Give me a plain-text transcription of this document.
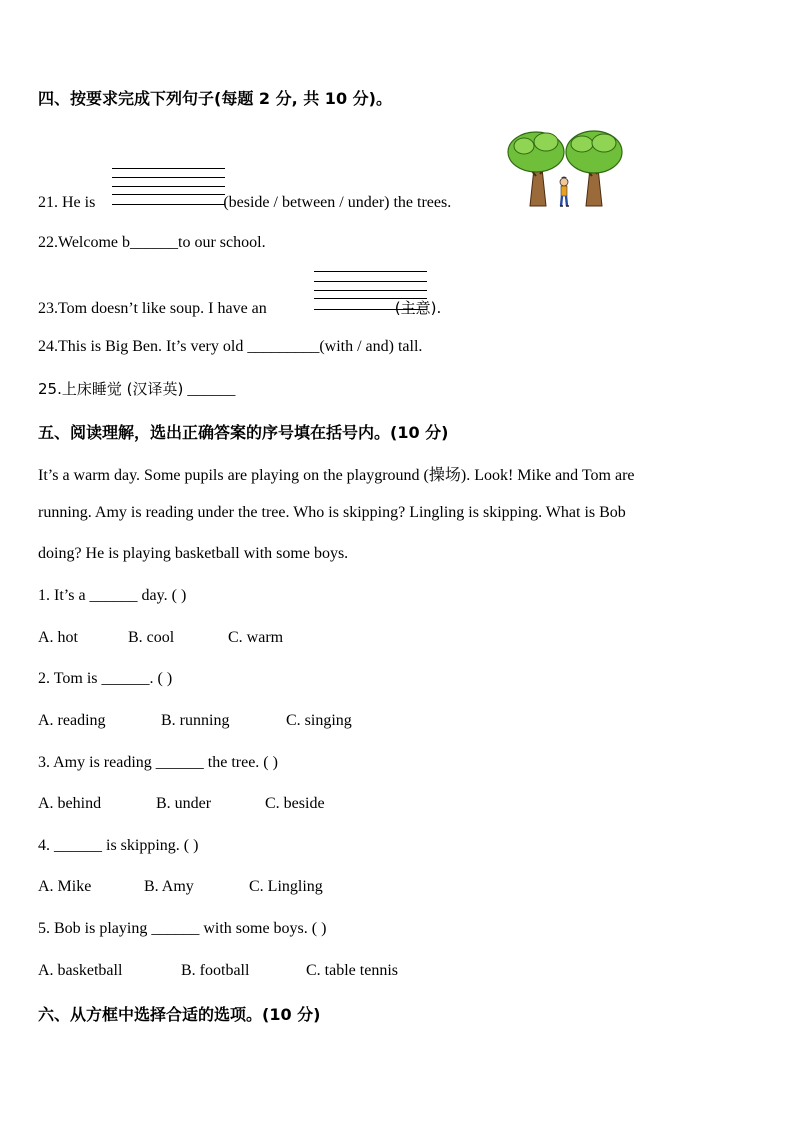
四、按要求完成下列句子(每题 2 分, 共 10 分)。
21. He is	(beside / between / under) the trees.
22.Welcome b______to our school.
23.Tom doesn’t like soup. I have an	(主意).
24.This is Big Ben. It’s very old _________(with / and) tall.
25.上床睡觉 (汉译英) ______
五、阅读理解，选出正确答案的序号填在括号内。(10 分)
It’s a warm day. Some pupils are playing on the playground (操场). Look! Mike and Tom are
running. Amy is reading under the tree. Who is skipping? Lingling is skipping. What is Bob
doing? He is playing basketball with some boys.
1. It’s a ______ day. ( )
A. hot	B. cool	C. warm
2. Tom is ______. ( )
A. reading	B. running	C. singing
3. Amy is reading ______ the tree. ( )
A. behind	B. under	C. beside
4. ______ is skipping. ( )
A. Mike	B. Amy	C. Lingling
5. Bob is playing ______ with some boys. ( )
A. basketball	B. football	C. table tennis
六、从方框中选择合适的选项。(10 分)
